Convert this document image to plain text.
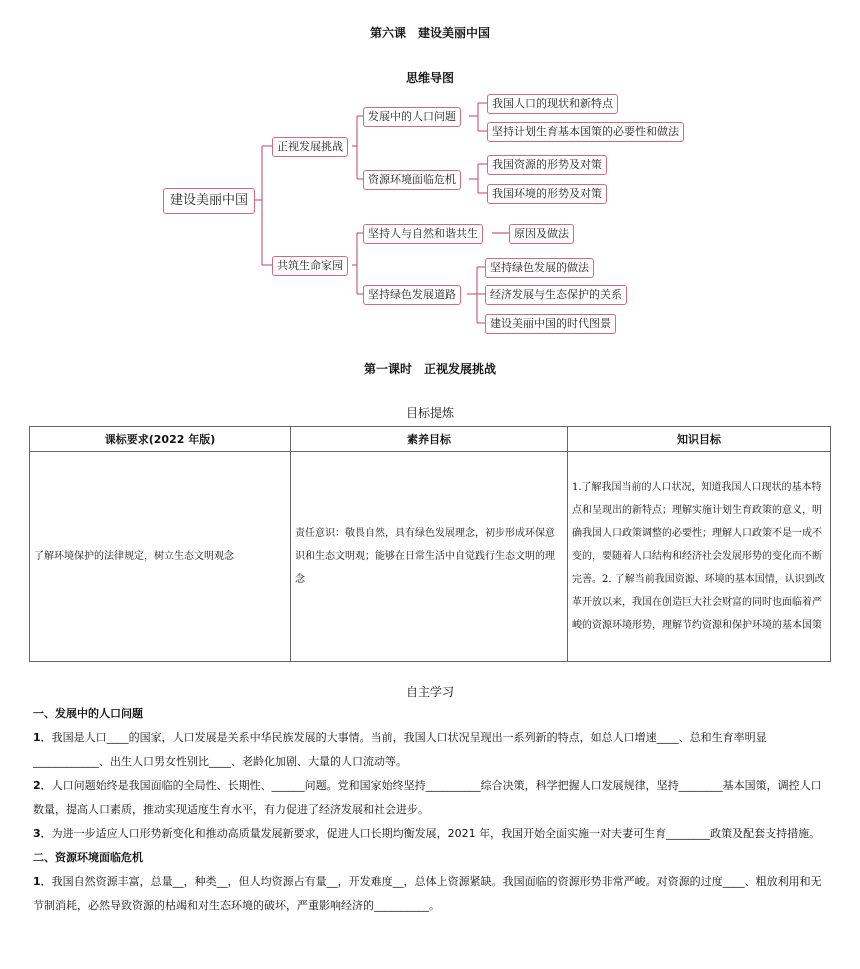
第六课　建设美丽中国
思维导图
建设美丽中国
正视发展挑战
共筑生命家园
发展中的人口问题
资源环境面临危机
坚持人与自然和谐共生
坚持绿色发展道路
我国人口的现状和新特点
坚持计划生育基本国策的必要性和做法
我国资源的形势及对策
我国环境的形势及对策
原因及做法
坚持绿色发展的做法
经济发展与生态保护的关系
建设美丽中国的时代图景
第一课时　正视发展挑战
目标提炼
课标要求(2022 年版)	素养目标	知识目标
了解环境保护的法律规定，树立生态文明观念	责任意识：敬畏自然，具有绿色发展理念，初步形成环保意识和生态文明观；能够在日常生活中自觉践行生态文明的理念	1.了解我国当前的人口状况，知道我国人口现状的基本特点和呈现出的新特点；理解实施计划生育政策的意义，明确我国人口政策调整的必要性；理解人口政策不是一成不变的，要随着人口结构和经济社会发展形势的变化而不断完善。2. 了解当前我国资源、环境的基本国情，认识到改革开放以来，我国在创造巨大社会财富的同时也面临着严峻的资源环境形势，理解节约资源和保护环境的基本国策
自主学习

一、发展中的人口问题

1．我国是人口____的国家，人口发展是关系中华民族发展的大事情。当前，我国人口状况呈现出一系列新的特点，如总人口增速____、总和生育率明显____________、出生人口男女性别比____、老龄化加剧、大量的人口流动等。

2．人口问题始终是我国面临的全局性、长期性、______问题。党和国家始终坚持__________综合决策，科学把握人口发展规律，坚持________基本国策，调控人口数量，提高人口素质，推动实现适度生育水平，有力促进了经济发展和社会进步。

3．为进一步适应人口形势新变化和推动高质量发展新要求，促进人口长期均衡发展，2021 年，我国开始全面实施一对夫妻可生育________政策及配套支持措施。

二、资源环境面临危机

1．我国自然资源丰富，总量__，种类__，但人均资源占有量__，开发难度__，总体上资源紧缺。我国面临的资源形势非常严峻。对资源的过度____、粗放利用和无节制消耗，必然导致资源的枯竭和对生态环境的破坏，严重影响经济的__________。
